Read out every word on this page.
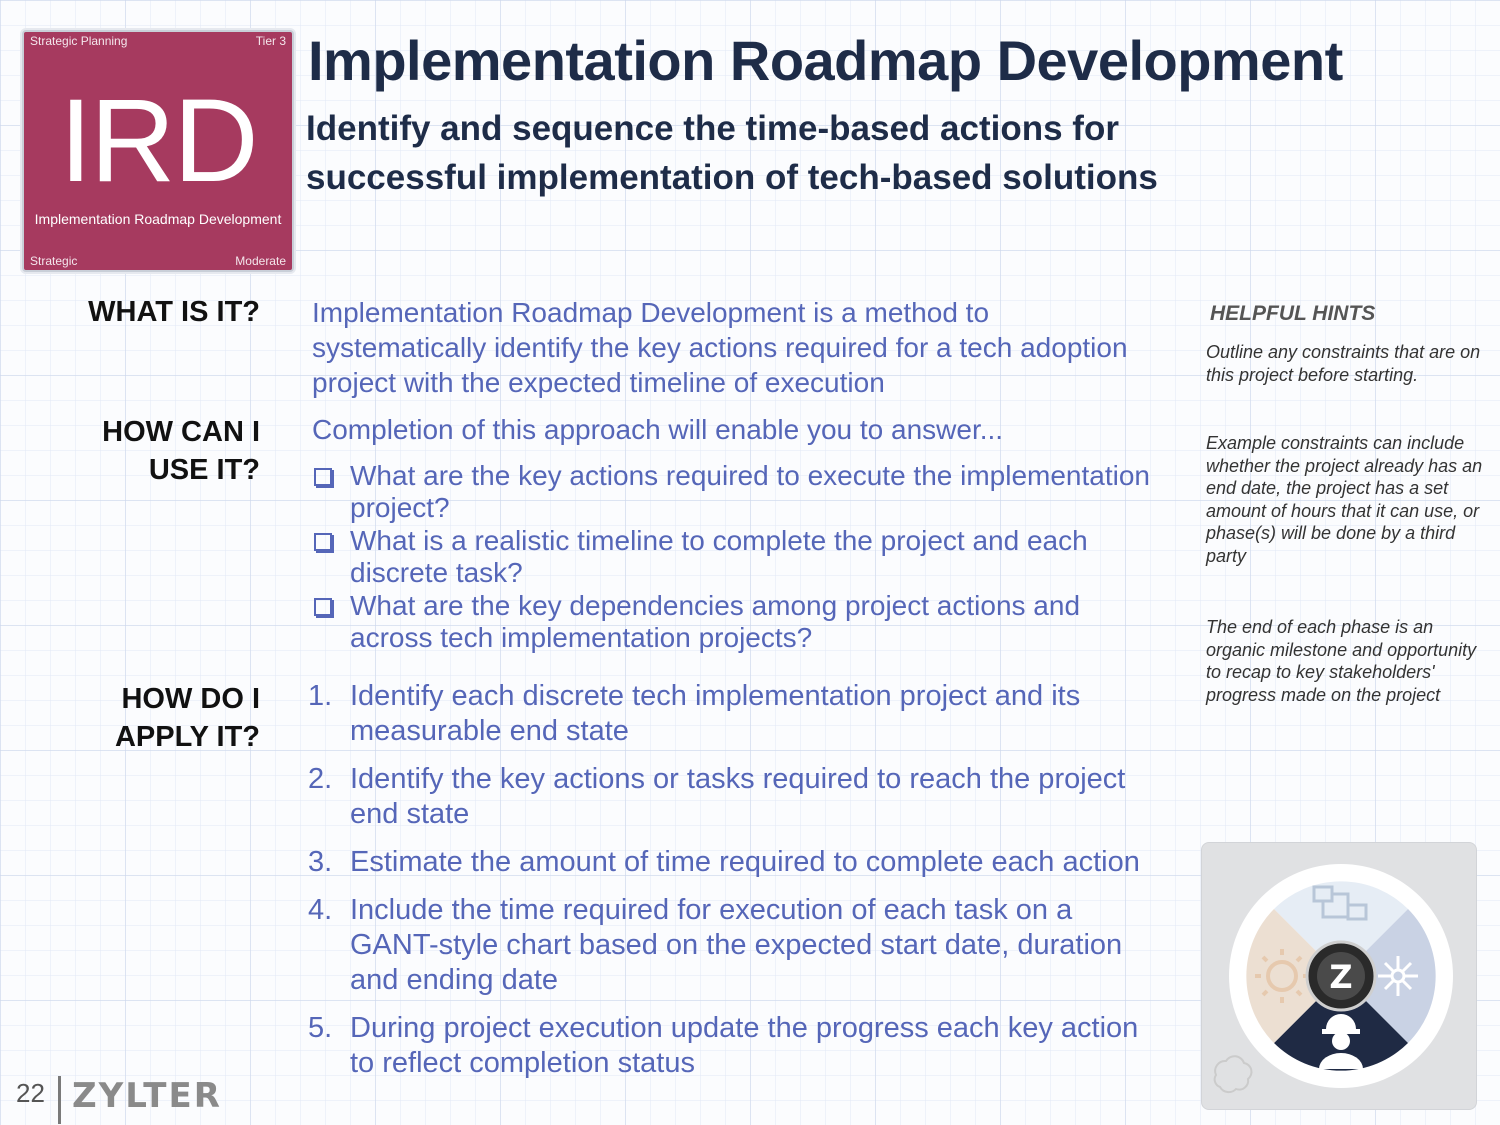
Strategic Planning	Tier 3
IRD
Implementation Roadmap Development
Strategic	Moderate
Implementation Roadmap Development

Identify and sequence the time-based actions for successful implementation of tech-based solutions

WHAT IS IT? Implementation Roadmap Development is a method to systematically identify the key actions required for a tech adoption project with the expected timeline of execution
HOW CAN I USE IT?
Completion of this approach will enable you to answer...
What are the key actions required to execute the implementation project?
What is a realistic timeline to complete the project and each discrete task?
What are the key dependencies among project actions and across tech implementation projects?
HOW DO I APPLY IT?
1. Identify each discrete tech implementation project and its measurable end state
2. Identify the key actions or tasks required to reach the project end state
3. Estimate the amount of time required to complete each action
4. Include the time required for execution of each task on a GANT-style chart based on the expected start date, duration and ending date
5. During project execution update the progress each key action to reflect completion status
HELPFUL HINTS
Outline any constraints that are on this project before starting.
Example constraints can include whether the project already has an end date, the project has a set amount of hours that it can use, or phase(s) will be done by a third party
The end of each phase is an organic milestone and opportunity to recap to key stakeholders' progress made on the project
Z
22 ZYLTER
